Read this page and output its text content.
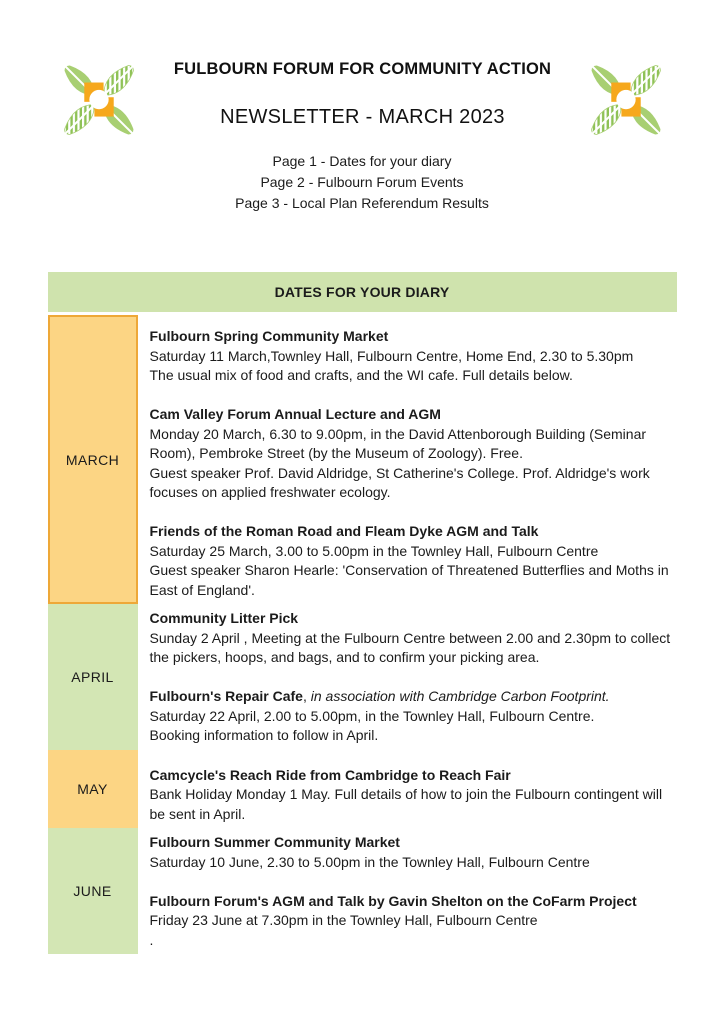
FULBOURN FORUM FOR COMMUNITY ACTION
NEWSLETTER - MARCH 2023
Page 1 - Dates for your diary
Page 2 - Fulbourn Forum Events
Page 3 - Local Plan Referendum Results
DATES FOR YOUR DIARY
MARCH
Fulbourn Spring Community Market
Saturday 11 March,Townley Hall, Fulbourn Centre, Home End, 2.30 to 5.30pm
The usual mix of food and crafts, and the WI cafe. Full details below.
Cam Valley Forum Annual Lecture and AGM
Monday 20 March, 6.30 to 9.00pm, in the David Attenborough Building (Seminar Room), Pembroke Street (by the Museum of Zoology). Free.
Guest speaker Prof. David Aldridge, St Catherine's College. Prof. Aldridge's work focuses on applied freshwater ecology.
Friends of the Roman Road and Fleam Dyke AGM and Talk
Saturday 25 March, 3.00 to 5.00pm in the Townley Hall, Fulbourn Centre
Guest speaker Sharon Hearle: 'Conservation of Threatened Butterflies and Moths in East of England'.
APRIL
Community Litter Pick
Sunday 2 April , Meeting at the Fulbourn Centre between 2.00 and 2.30pm to collect the pickers, hoops, and bags, and to confirm your picking area.
Fulbourn's Repair Cafe, in association with Cambridge Carbon Footprint.
Saturday 22 April, 2.00 to 5.00pm, in the Townley Hall, Fulbourn Centre.
Booking information to follow in April.
MAY
Camcycle's Reach Ride from Cambridge to Reach Fair
Bank Holiday Monday 1 May. Full details of how to join the Fulbourn contingent will be sent in April.
JUNE
Fulbourn Summer Community Market
Saturday 10 June, 2.30 to 5.00pm in the Townley Hall, Fulbourn Centre
Fulbourn Forum's AGM and Talk by Gavin Shelton on the CoFarm Project
Friday 23 June at 7.30pm in the Townley Hall, Fulbourn Centre
.
